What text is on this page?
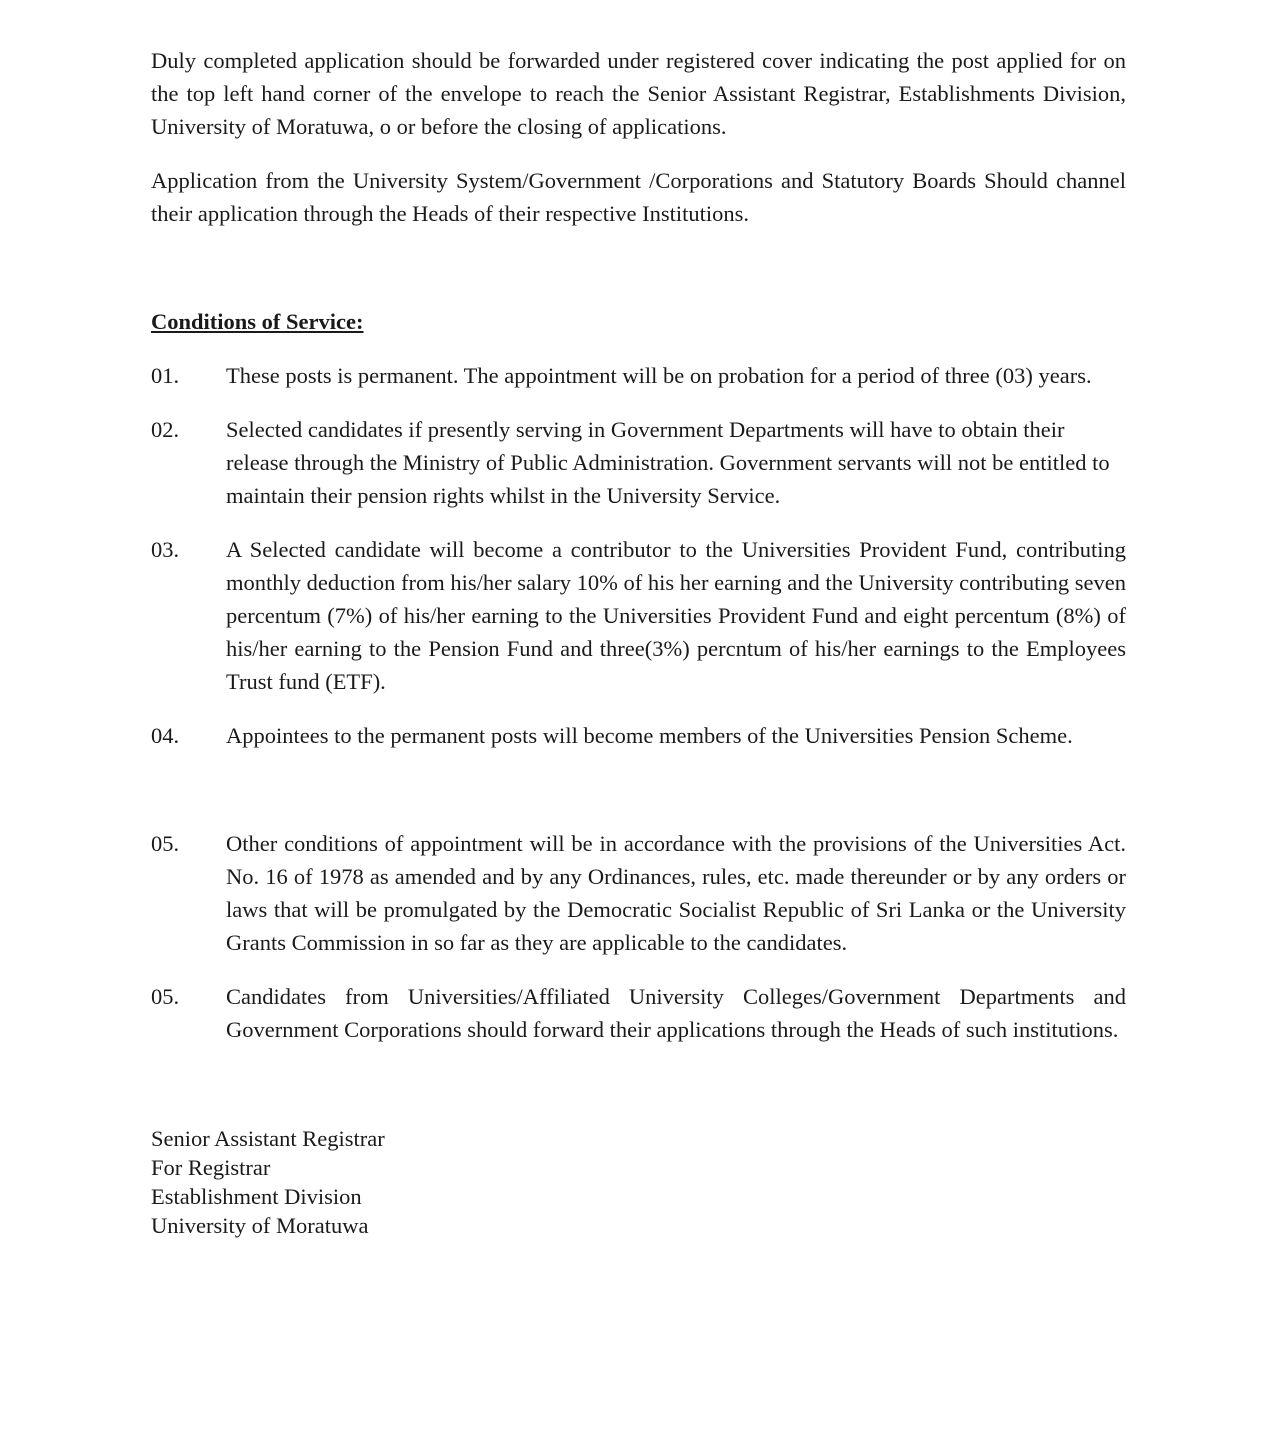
Duly completed application should be forwarded under registered cover indicating the post applied for on the top left hand corner of the envelope to reach the Senior Assistant Registrar, Establishments Division, University of Moratuwa, o or before the closing of applications.

Application from the University System/Government /Corporations and Statutory Boards Should channel their application through the Heads of their respective Institutions.

Conditions of Service:
01.	These posts is permanent. The appointment will be on probation for a period of three (03) years.
02.	Selected candidates if presently serving in Government Departments will have to obtain their release through the Ministry of Public Administration. Government servants will not be entitled to maintain their pension rights whilst in the University Service.
03.	A Selected candidate will become a contributor to the Universities Provident Fund, contributing monthly deduction from his/her salary 10% of his her earning and the University contributing seven percentum (7%) of his/her earning to the Universities Provident Fund and eight percentum (8%) of his/her earning to the Pension Fund and three(3%) percntum of his/her earnings to the Employees Trust fund (ETF).
04.	Appointees to the permanent posts will become members of the Universities Pension Scheme.
05.	Other conditions of appointment will be in accordance with the provisions of the Universities Act. No. 16 of 1978 as amended and by any Ordinances, rules, etc. made thereunder or by any orders or laws that will be promulgated by the Democratic Socialist Republic of Sri Lanka or the University Grants Commission in so far as they are applicable to the candidates.
05.	Candidates from Universities/Affiliated University Colleges/Government Departments and Government Corporations should forward their applications through the Heads of such institutions.
Senior Assistant Registrar
For Registrar
Establishment Division
University of Moratuwa
